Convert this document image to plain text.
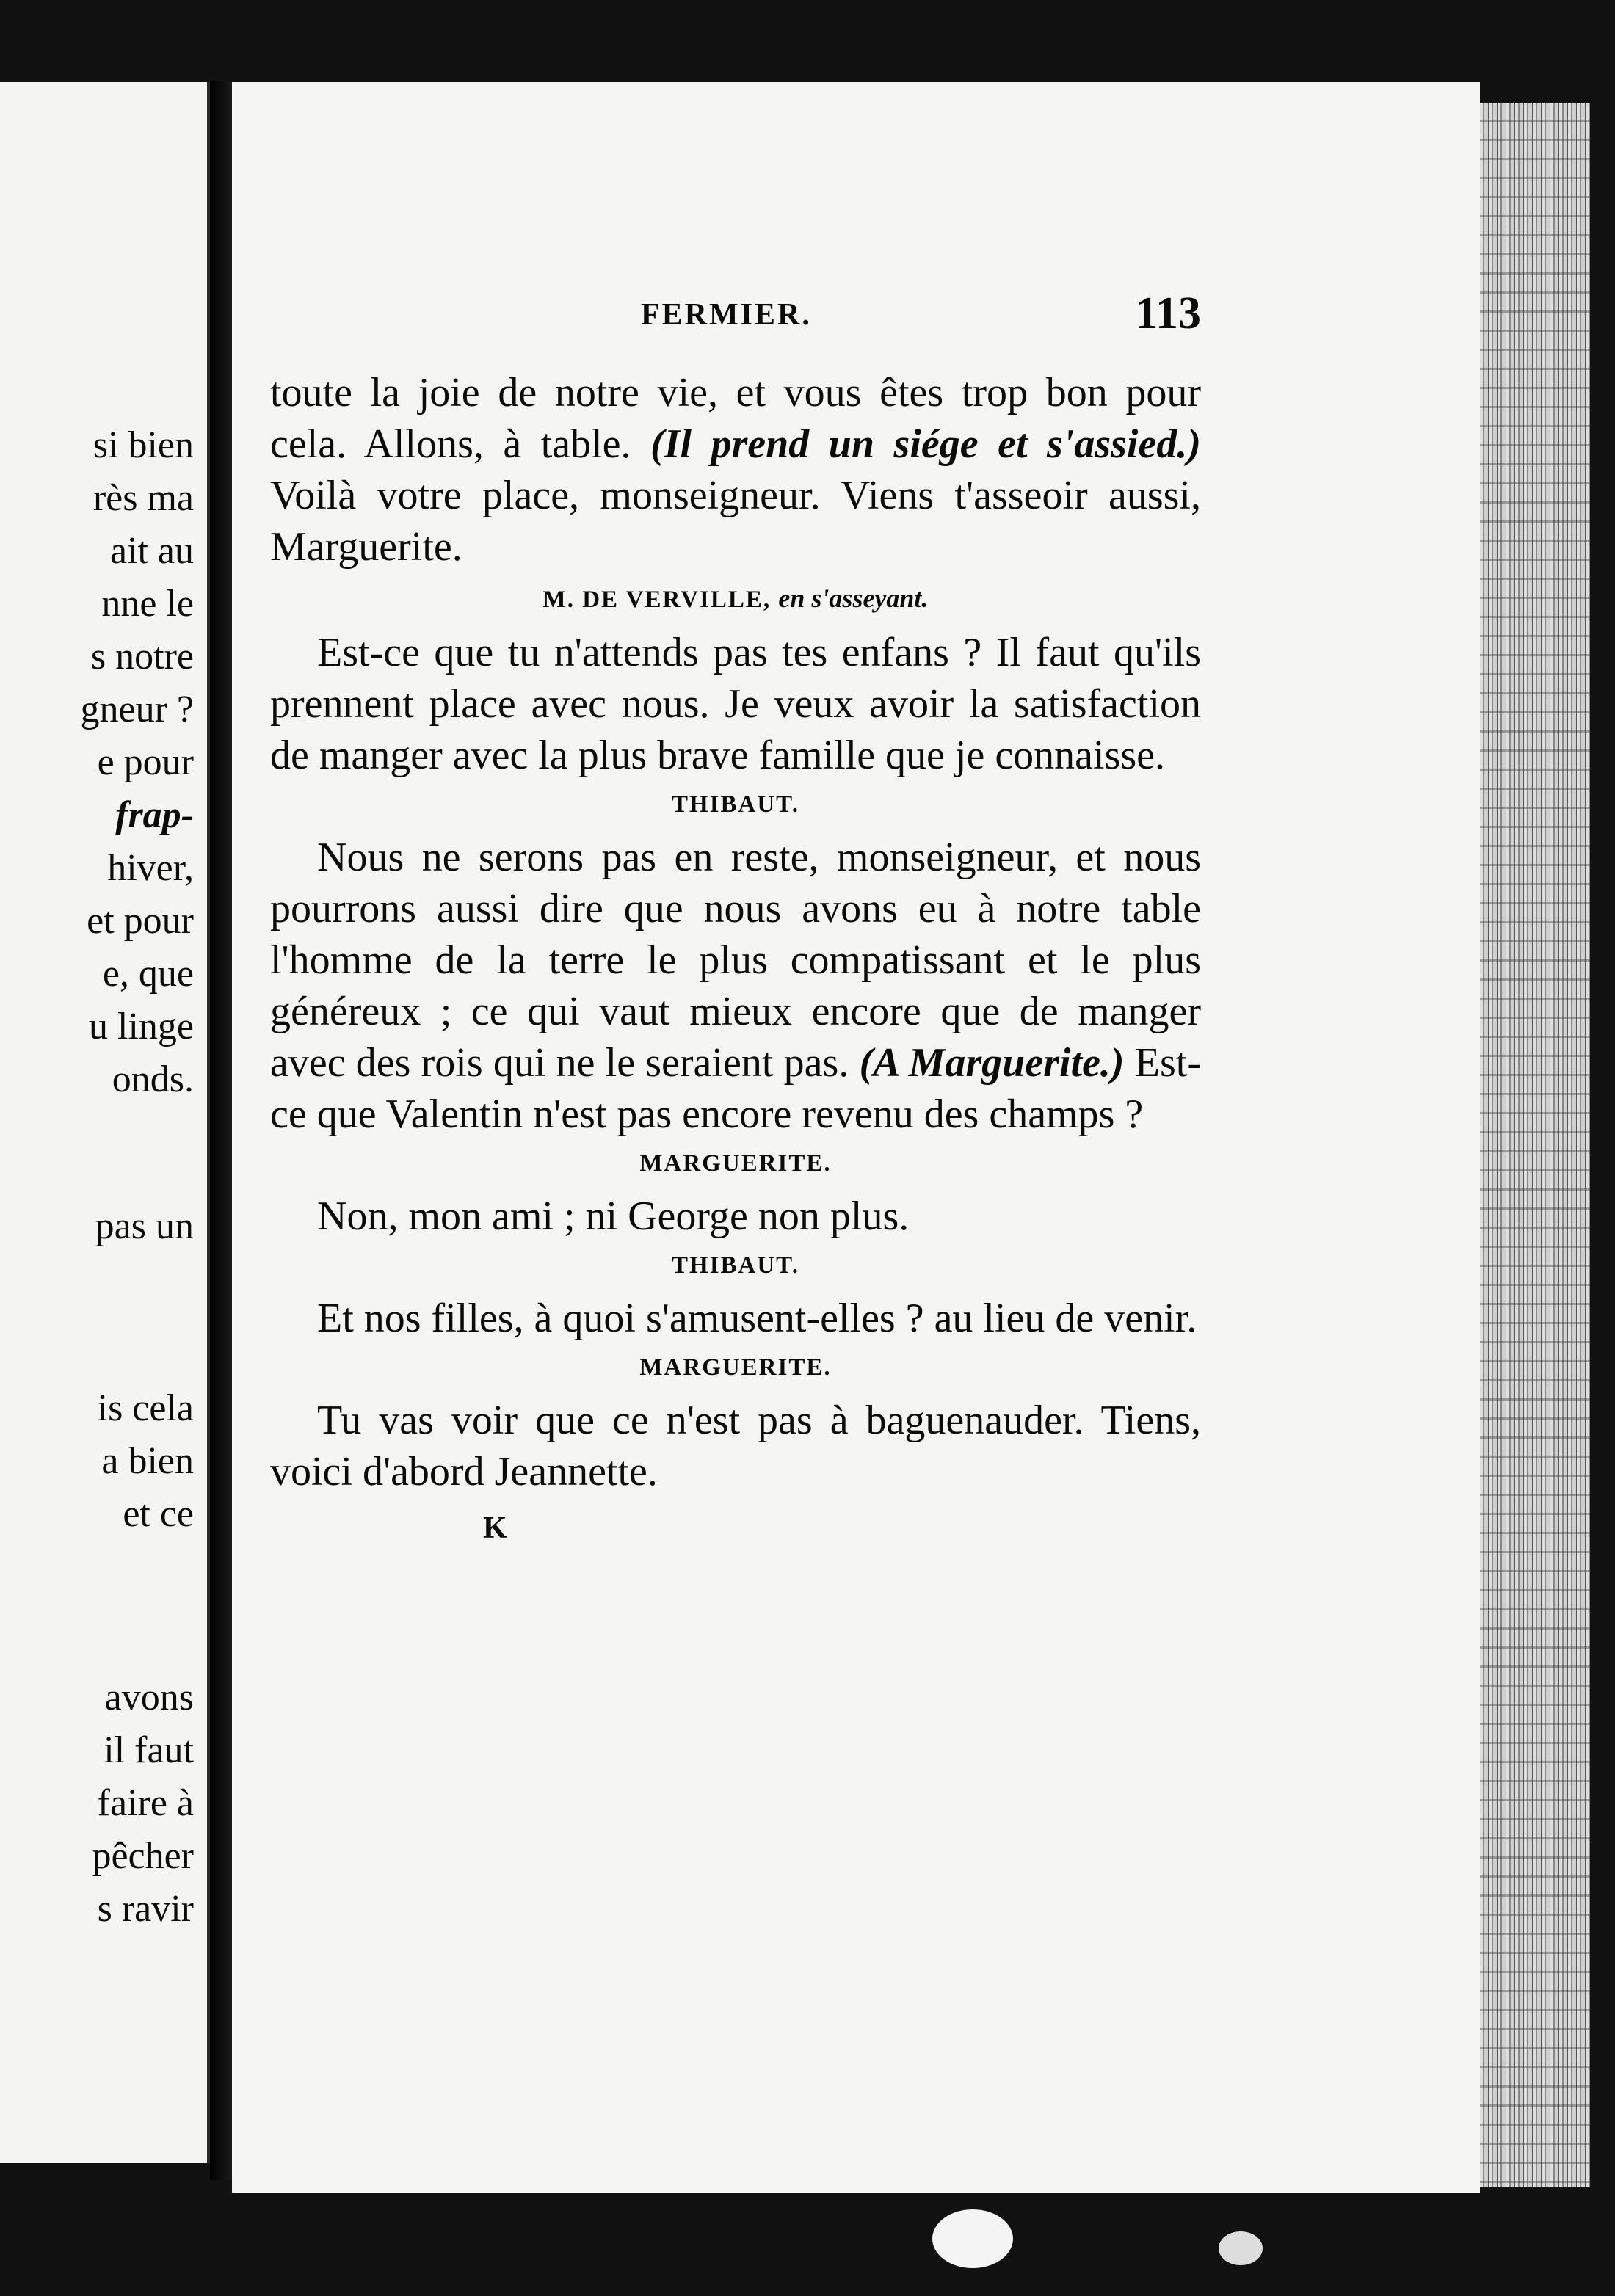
si bien
rès ma
ait au
nne le
s notre
gneur ?
e pour
frap-
hiver,
et pour
e, que
u linge
onds.
pas un
is cela
a bien
et ce
avons
il faut
faire à
pêcher
s ravir
FERMIER.	113

toute la joie de notre vie, et vous êtes trop bon pour cela. Allons, à table. (Il prend un siége et s'assied.) Voilà votre place, monseigneur. Viens t'asseoir aussi, Marguerite.

M. DE VERVILLE, en s'asseyant.

Est-ce que tu n'attends pas tes enfans ? Il faut qu'ils prennent place avec nous. Je veux avoir la satisfaction de manger avec la plus brave famille que je connaisse.

THIBAUT.

Nous ne serons pas en reste, monseigneur, et nous pourrons aussi dire que nous avons eu à notre table l'homme de la terre le plus compatissant et le plus généreux ; ce qui vaut mieux encore que de manger avec des rois qui ne le seraient pas. (A Marguerite.) Est-ce que Valentin n'est pas encore revenu des champs ?

MARGUERITE.

Non, mon ami ; ni George non plus.

THIBAUT.

Et nos filles, à quoi s'amusent-elles ? au lieu de venir.

MARGUERITE.

Tu vas voir que ce n'est pas à baguenauder. Tiens, voici d'abord Jeannette.

K
